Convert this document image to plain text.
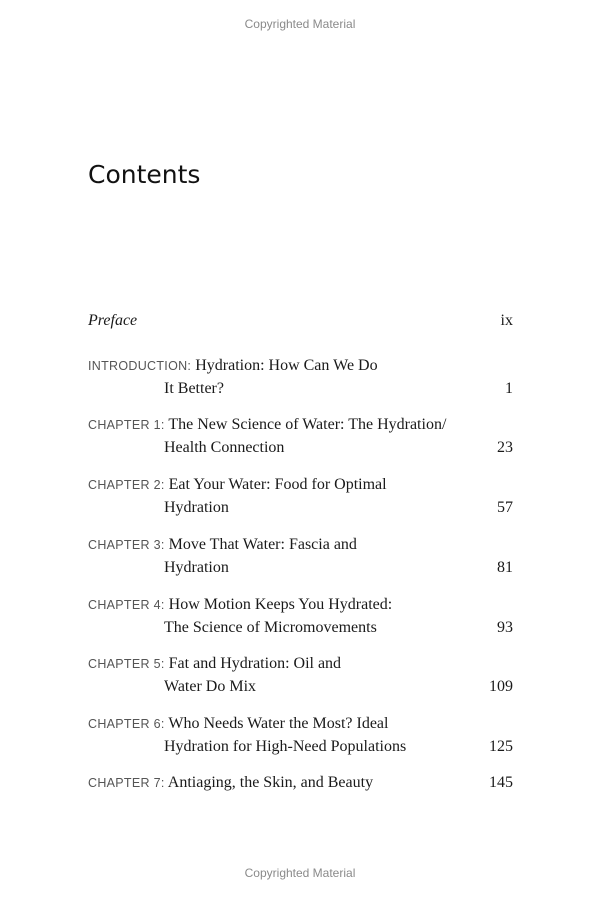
Copyrighted Material
Contents
Preface	ix
INTRODUCTION: Hydration: How Can We Do
It Better?	1
CHAPTER 1: The New Science of Water: The Hydration/
Health Connection	23
CHAPTER 2: Eat Your Water: Food for Optimal
Hydration	57
CHAPTER 3: Move That Water: Fascia and
Hydration	81
CHAPTER 4: How Motion Keeps You Hydrated:
The Science of Micromovements	93
CHAPTER 5: Fat and Hydration: Oil and
Water Do Mix	109
CHAPTER 6: Who Needs Water the Most? Ideal
Hydration for High-Need Populations	125
CHAPTER 7: Antiaging, the Skin, and Beauty	145
Copyrighted Material
